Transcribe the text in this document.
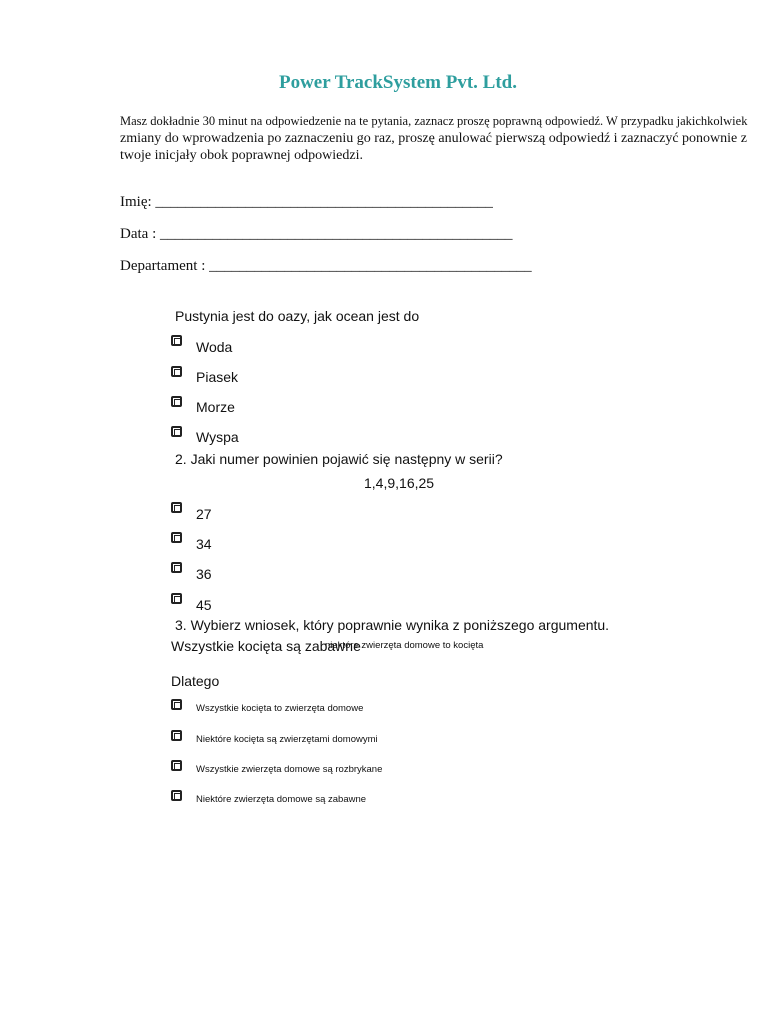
Power TrackSystem Pvt. Ltd.
Masz dokładnie 30 minut na odpowiedzenie na te pytania, zaznacz proszę poprawną odpowiedź. W przypadku jakichkolwiek
zmiany do wprowadzenia po zaznaczeniu go raz, proszę anulować pierwszą odpowiedź i zaznaczyć ponownie z
twoje inicjały obok poprawnej odpowiedzi.
Imię: _____________________________________________
Data : _______________________________________________
Departament : ___________________________________________
Pustynia jest do oazy, jak ocean jest do
Woda
Piasek
Morze
Wyspa
2. Jaki numer powinien pojawić się następny w serii?
1,4,9,16,25
27
34
36
45
3. Wybierz wniosek, który poprawnie wynika z poniższego argumentu.
Wszystkie kocięta są zabawne
niektóre zwierzęta domowe to kocięta
Dlatego
Wszystkie kocięta to zwierzęta domowe
Niektóre kocięta są zwierzętami domowymi
Wszystkie zwierzęta domowe są rozbrykane
Niektóre zwierzęta domowe są zabawne
